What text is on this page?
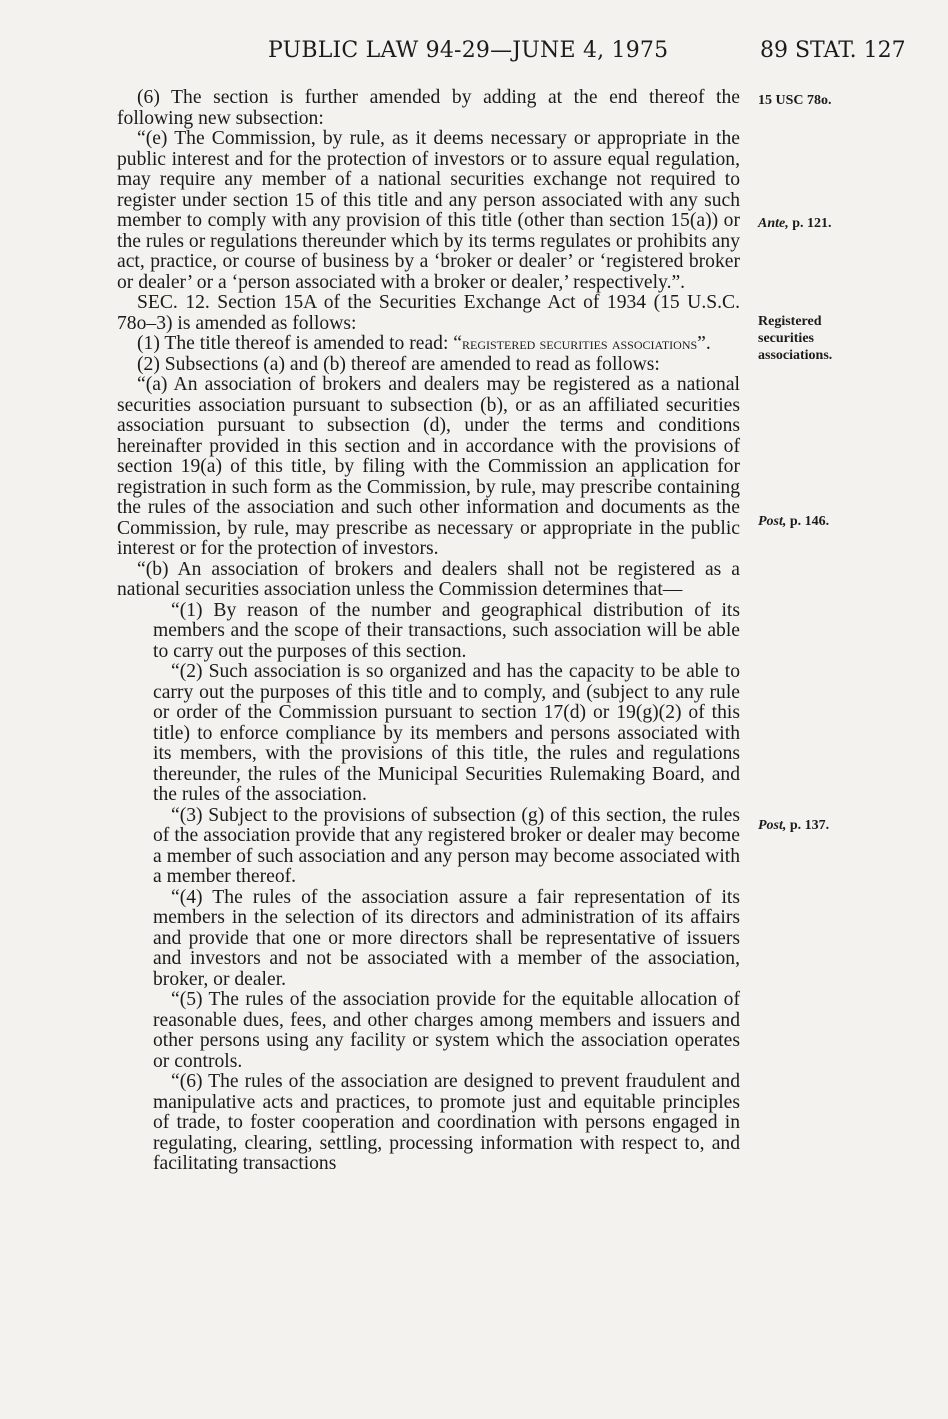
PUBLIC LAW 94-29—JUNE 4, 1975	89 STAT. 127
15 USC 78o.
Ante, p. 121.
Registered securities associations.
Post, p. 146.
Post, p. 137.

(6) The section is further amended by adding at the end thereof the following new subsection:

“(e) The Commission, by rule, as it deems necessary or appropriate in the public interest and for the protection of investors or to assure equal regulation, may require any member of a national securities exchange not required to register under section 15 of this title and any person associated with any such member to comply with any provision of this title (other than section 15(a)) or the rules or regulations thereunder which by its terms regulates or prohibits any act, practice, or course of business by a ‘broker or dealer’ or ‘registered broker or dealer’ or a ‘person associated with a broker or dealer,’ respectively.”.

SEC. 12. Section 15A of the Securities Exchange Act of 1934 (15 U.S.C. 78o–3) is amended as follows:

(1) The title thereof is amended to read: “registered securities associations”.

(2) Subsections (a) and (b) thereof are amended to read as follows:

“(a) An association of brokers and dealers may be registered as a national securities association pursuant to subsection (b), or as an affiliated securities association pursuant to subsection (d), under the terms and conditions hereinafter provided in this section and in accordance with the provisions of section 19(a) of this title, by filing with the Commission an application for registration in such form as the Commission, by rule, may prescribe containing the rules of the association and such other information and documents as the Commission, by rule, may prescribe as necessary or appropriate in the public interest or for the protection of investors.

“(b) An association of brokers and dealers shall not be registered as a national securities association unless the Commission determines that—

“(1) By reason of the number and geographical distribution of its members and the scope of their transactions, such association will be able to carry out the purposes of this section.

“(2) Such association is so organized and has the capacity to be able to carry out the purposes of this title and to comply, and (subject to any rule or order of the Commission pursuant to section 17(d) or 19(g)(2) of this title) to enforce compliance by its members and persons associated with its members, with the provisions of this title, the rules and regulations thereunder, the rules of the Municipal Securities Rulemaking Board, and the rules of the association.

“(3) Subject to the provisions of subsection (g) of this section, the rules of the association provide that any registered broker or dealer may become a member of such association and any person may become associated with a member thereof.

“(4) The rules of the association assure a fair representation of its members in the selection of its directors and administration of its affairs and provide that one or more directors shall be representative of issuers and investors and not be associated with a member of the association, broker, or dealer.

“(5) The rules of the association provide for the equitable allocation of reasonable dues, fees, and other charges among members and issuers and other persons using any facility or system which the association operates or controls.

“(6) The rules of the association are designed to prevent fraudulent and manipulative acts and practices, to promote just and equitable principles of trade, to foster cooperation and coordination with persons engaged in regulating, clearing, settling, processing information with respect to, and facilitating transactions
